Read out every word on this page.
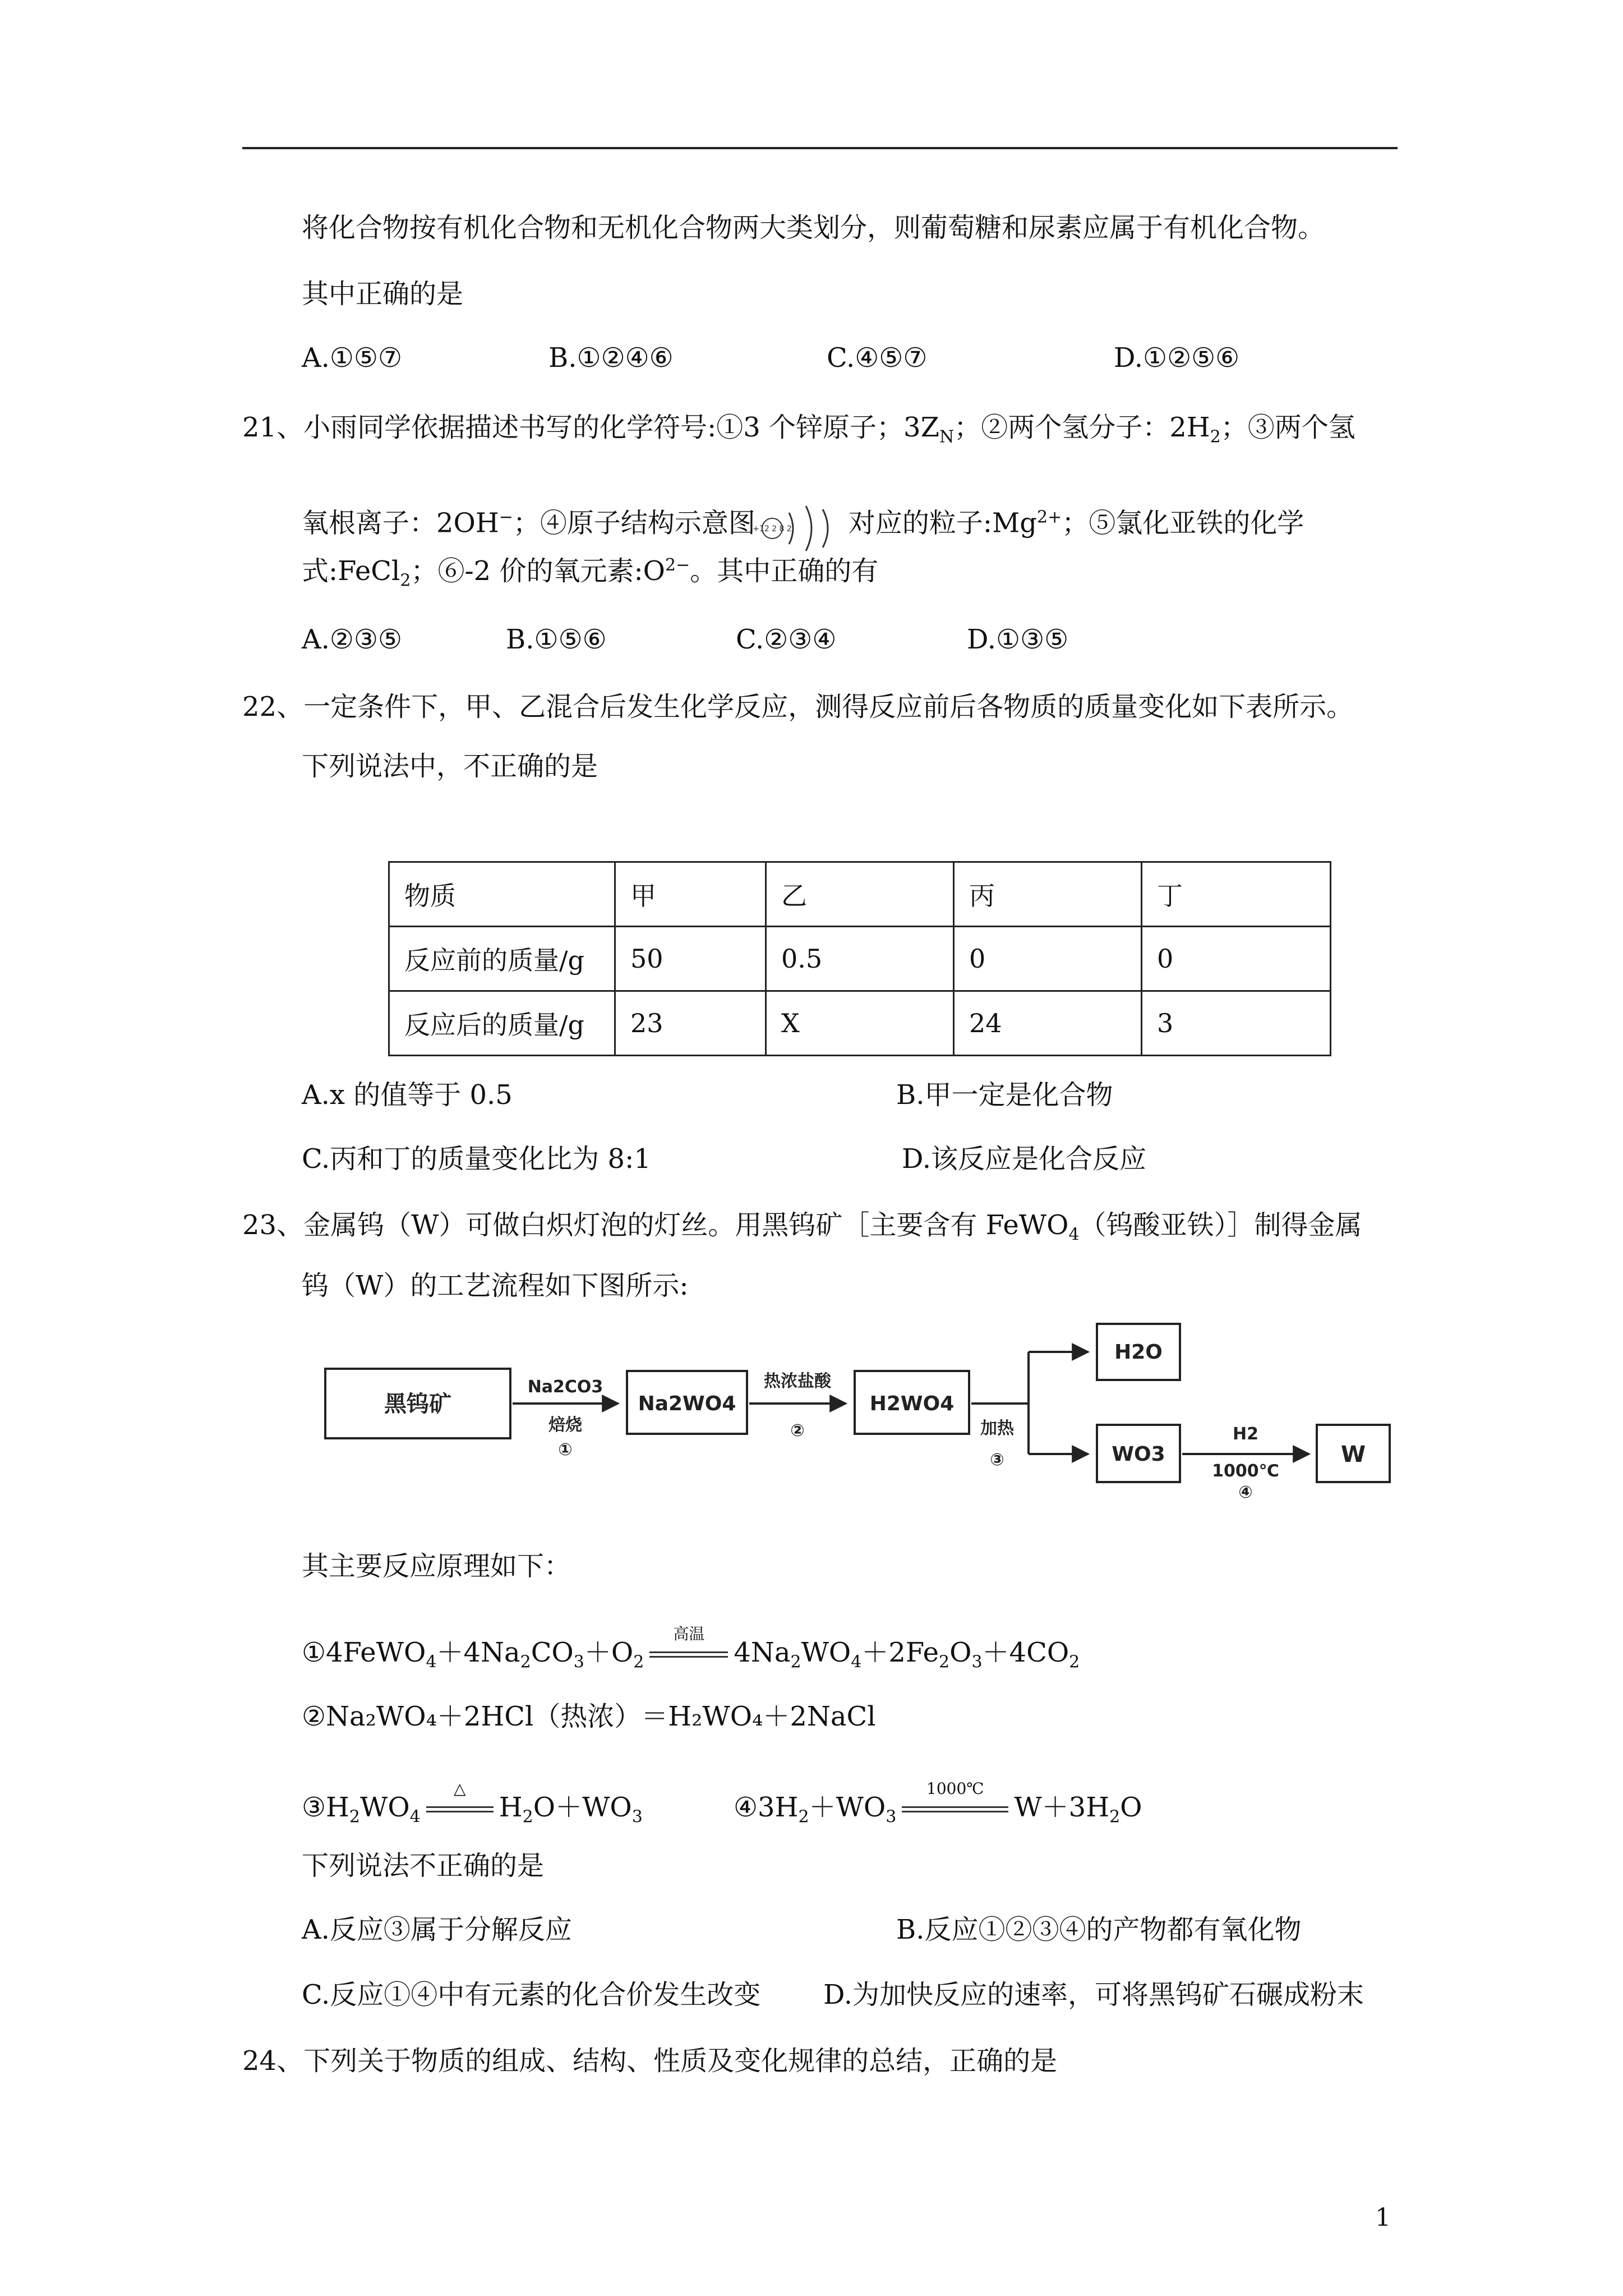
将化合物按有机化合物和无机化合物两大类划分，则葡萄糖和尿素应属于有机化合物。
其中正确的是
A.①⑤⑦	B.①②④⑥	C.④⑤⑦	D.①②⑤⑥
21、小雨同学依据描述书写的化学符号:①3 个锌原子；$3Z_N$；②两个氢分子：$2H_2$；③两个氢
氧根离子：2OH−；④原子结构示意图
+12 2 8 2 对应的粒子$:Mg^{2+}$；⑤氯化亚铁的化学
式:FeCl$_2$；⑥-2 价的氧元素$:O^{2-}$。其中正确的有
A.②③⑤	B.①⑤⑥	C.②③④	D.①③⑤
22、一定条件下，甲、乙混合后发生化学反应，测得反应前后各物质的质量变化如下表所示。
下列说法中，不正确的是
物质	甲	乙	丙	丁
反应前的质量/g	50	0.5	0	0
反应后的质量/g	23	X	24	3
A.x 的值等于 0.5	B.甲一定是化合物
C.丙和丁的质量变化比为 8:1	D.该反应是化合反应
23、金属钨（W）可做白炽灯泡的灯丝。用黑钨矿［主要含有 FeWO$_4$（钨酸亚铁）］制得金属
钨（W）的工艺流程如下图所示:
黑钨矿
Na2CO3
焙烧
①
Na2WO4
热浓盐酸
②
H2WO4
加热
③
H2O
WO3
H2
1000℃
④
W
其主要反应原理如下：
$①4FeWO_4+4Na_2CO_3+O_2$
高温
$4Na_2WO_4+2Fe_2O_3+4CO_2$
②Na₂WO₄＋2HCl（热浓）＝H₂WO₄＋2NaCl
$③H_2WO_4$
△
$H_2O+WO_3$	$④3H_2+WO_3$
1000℃
$W+3H_2O$
下列说法不正确的是
A.反应③属于分解反应	B.反应①②③④的产物都有氧化物
C.反应①④中有元素的化合价发生改变 D.为加快反应的速率，可将黑钨矿石碾成粉末
24、下列关于物质的组成、结构、性质及变化规律的总结，正确的是
1
